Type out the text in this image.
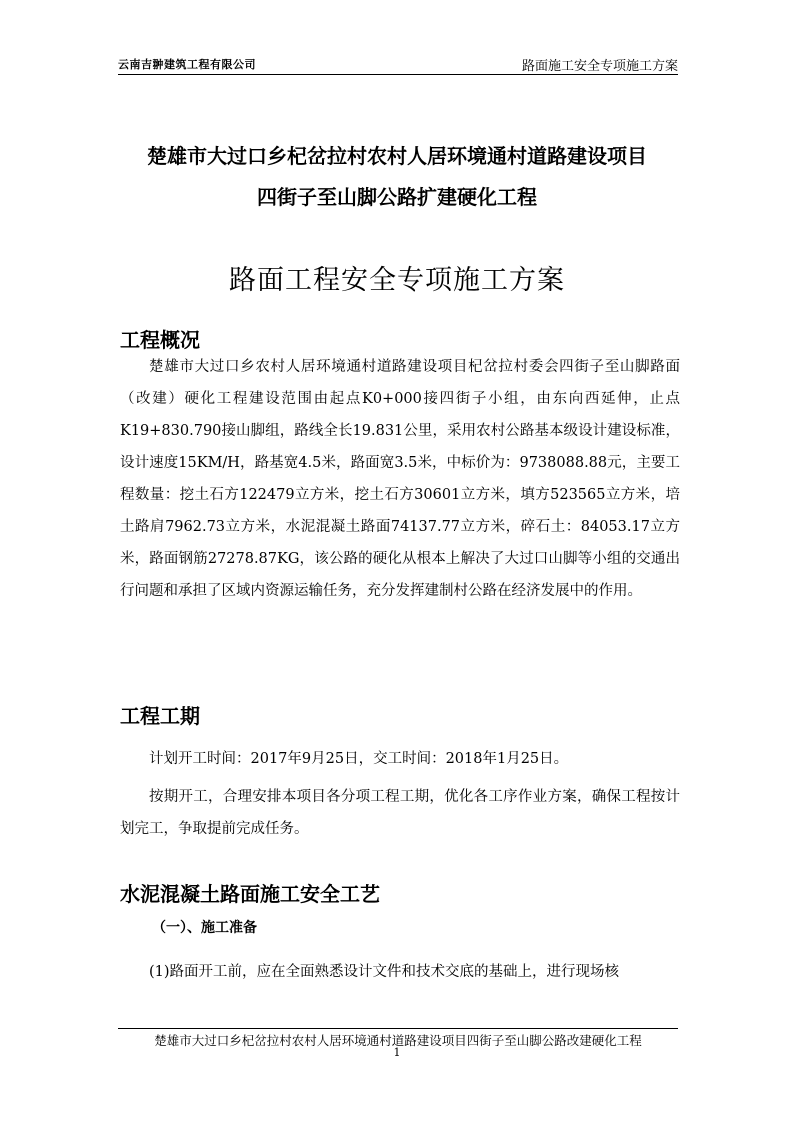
云南吉翀建筑工程有限公司	路面施工安全专项施工方案
楚雄市大过口乡杞岔拉村农村人居环境通村道路建设项目
四街子至山脚公路扩建硬化工程
路面工程安全专项施工方案
工程概况

楚雄市大过口乡农村人居环境通村道路建设项目杞岔拉村委会四街子至山脚路面（改建）硬化工程建设范围由起点K0+000接四街子小组，由东向西延伸，止点K19+830.790接山脚组，路线全长19.831公里，采用农村公路基本级设计建设标准，设计速度15KM/H，路基宽4.5米，路面宽3.5米，中标价为：9738088.88元，主要工程数量：挖土石方122479立方米，挖土石方30601立方米，填方523565立方米，培土路肩7962.73立方米，水泥混凝土路面74137.77立方米，碎石土：84053.17立方米，路面钢筋27278.87KG，该公路的硬化从根本上解决了大过口山脚等小组的交通出行问题和承担了区域内资源运输任务，充分发挥建制村公路在经济发展中的作用。

工程工期

计划开工时间：2017年9月25日，交工时间：2018年1月25日。

按期开工，合理安排本项目各分项工程工期，优化各工序作业方案，确保工程按计划完工，争取提前完成任务。

水泥混凝土路面施工安全工艺
（一）、施工准备

(1)路面开工前，应在全面熟悉设计文件和技术交底的基础上，进行现场核

楚雄市大过口乡杞岔拉村农村人居环境通村道路建设项目四街子至山脚公路改建硬化工程
1
